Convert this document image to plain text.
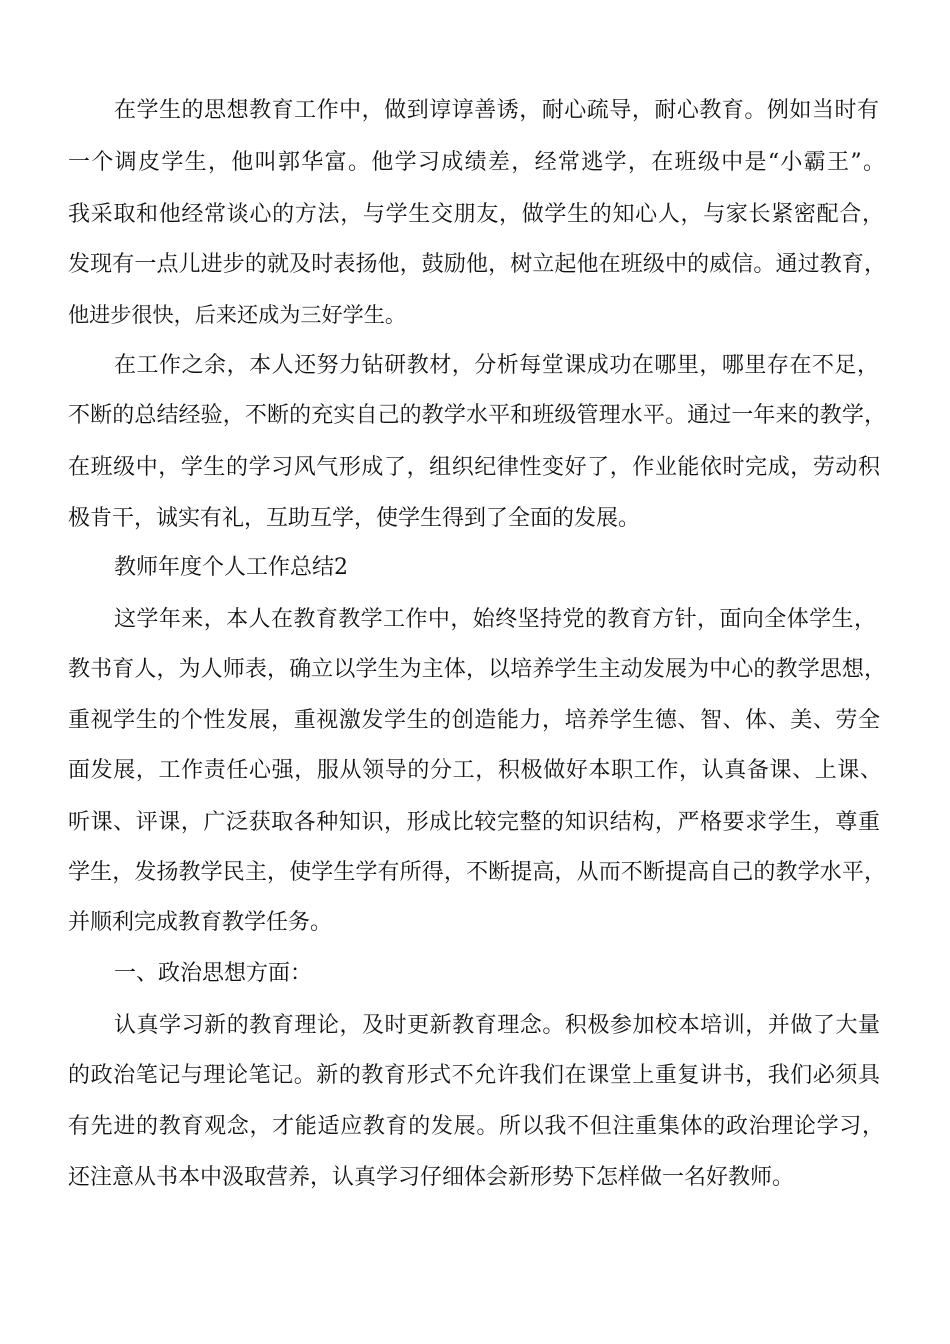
在学生的思想教育工作中，做到谆谆善诱，耐心疏导，耐心教育。例如当时有
一个调皮学生，他叫郭华富。他学习成绩差，经常逃学，在班级中是“小霸王”。
我采取和他经常谈心的方法，与学生交朋友，做学生的知心人，与家长紧密配合，
发现有一点儿进步的就及时表扬他，鼓励他，树立起他在班级中的威信。通过教育，
他进步很快，后来还成为三好学生。
在工作之余，本人还努力钻研教材，分析每堂课成功在哪里，哪里存在不足，
不断的总结经验，不断的充实自己的教学水平和班级管理水平。通过一年来的教学，
在班级中，学生的学习风气形成了，组织纪律性变好了，作业能依时完成，劳动积
极肯干，诚实有礼，互助互学，使学生得到了全面的发展。
教师年度个人工作总结2
这学年来，本人在教育教学工作中，始终坚持党的教育方针，面向全体学生，
教书育人，为人师表，确立以学生为主体，以培养学生主动发展为中心的教学思想，
重视学生的个性发展，重视激发学生的创造能力，培养学生德、智、体、美、劳全
面发展，工作责任心强，服从领导的分工，积极做好本职工作，认真备课、上课、
听课、评课，广泛获取各种知识，形成比较完整的知识结构，严格要求学生，尊重
学生，发扬教学民主，使学生学有所得，不断提高，从而不断提高自己的教学水平，
并顺利完成教育教学任务。
一、政治思想方面：
认真学习新的教育理论，及时更新教育理念。积极参加校本培训，并做了大量
的政治笔记与理论笔记。新的教育形式不允许我们在课堂上重复讲书，我们必须具
有先进的教育观念，才能适应教育的发展。所以我不但注重集体的政治理论学习，
还注意从书本中汲取营养，认真学习仔细体会新形势下怎样做一名好教师。
